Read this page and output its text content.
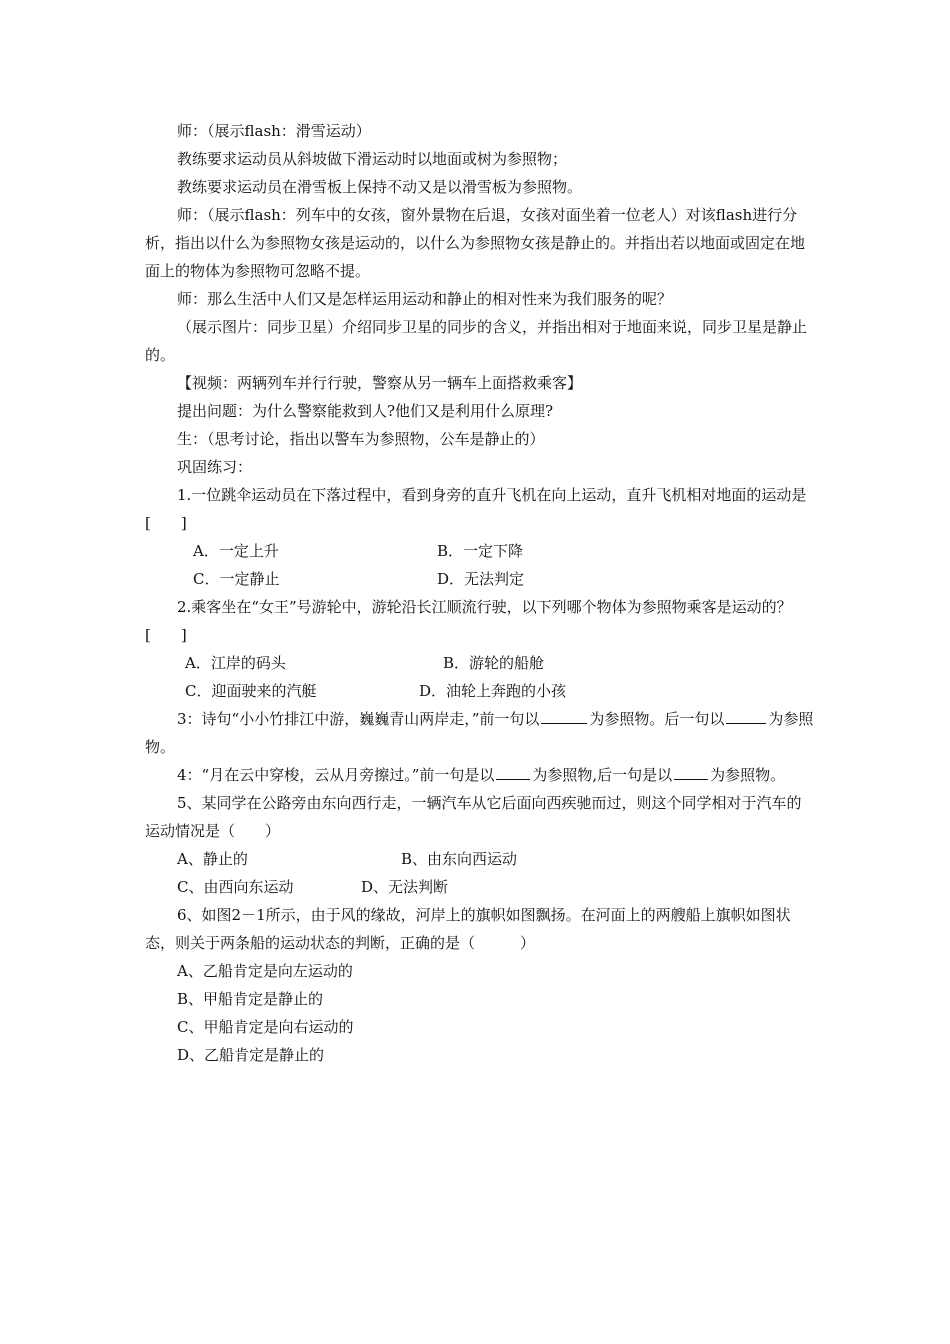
师：（展示flash：滑雪运动）

教练要求运动员从斜坡做下滑运动时以地面或树为参照物；

教练要求运动员在滑雪板上保持不动又是以滑雪板为参照物。

师：（展示flash：列车中的女孩，窗外景物在后退，女孩对面坐着一位老人）对该flash进行分析，指出以什么为参照物女孩是运动的，以什么为参照物女孩是静止的。并指出若以地面或固定在地面上的物体为参照物可忽略不提。

师：那么生活中人们又是怎样运用运动和静止的相对性来为我们服务的呢？

（展示图片：同步卫星）介绍同步卫星的同步的含义，并指出相对于地面来说，同步卫星是静止的。

【视频：两辆列车并行行驶，警察从另一辆车上面搭救乘客】

提出问题：为什么警察能救到人?他们又是利用什么原理?

生：（思考讨论，指出以警车为参照物，公车是静止的）

巩固练习：

1.一位跳伞运动员在下落过程中，看到身旁的直升飞机在向上运动，直升飞机相对地面的运动是　　[　　]

A．一定上升	B．一定下降
C．一定静止	D．无法判定

2.乘客坐在“女王”号游轮中，游轮沿长江顺流行驶，以下列哪个物体为参照物乘客是运动的？　[　　]

A．江岸的码头	B．游轮的船舱
C．迎面驶来的汽艇	D．油轮上奔跑的小孩

3：诗句“小小竹排江中游，巍巍青山两岸走，”前一句以	为参照物。后一句以	为参照物。

4：“月在云中穿梭，云从月旁擦过。”前一句是以	为参照物,后一句是以	为参照物。

5、某同学在公路旁由东向西行走，一辆汽车从它后面向西疾驰而过，则这个同学相对于汽车的运动情况是（　　）

A、静止的	B、由东向西运动
C、由西向东运动	D、无法判断

6、如图2－1所示，由于风的缘故，河岸上的旗帜如图飘扬。在河面上的两艘船上旗帜如图状态，则关于两条船的运动状态的判断，正确的是（　　　）

A、乙船肯定是向左运动的
B、甲船肯定是静止的
C、甲船肯定是向右运动的
D、乙船肯定是静止的
